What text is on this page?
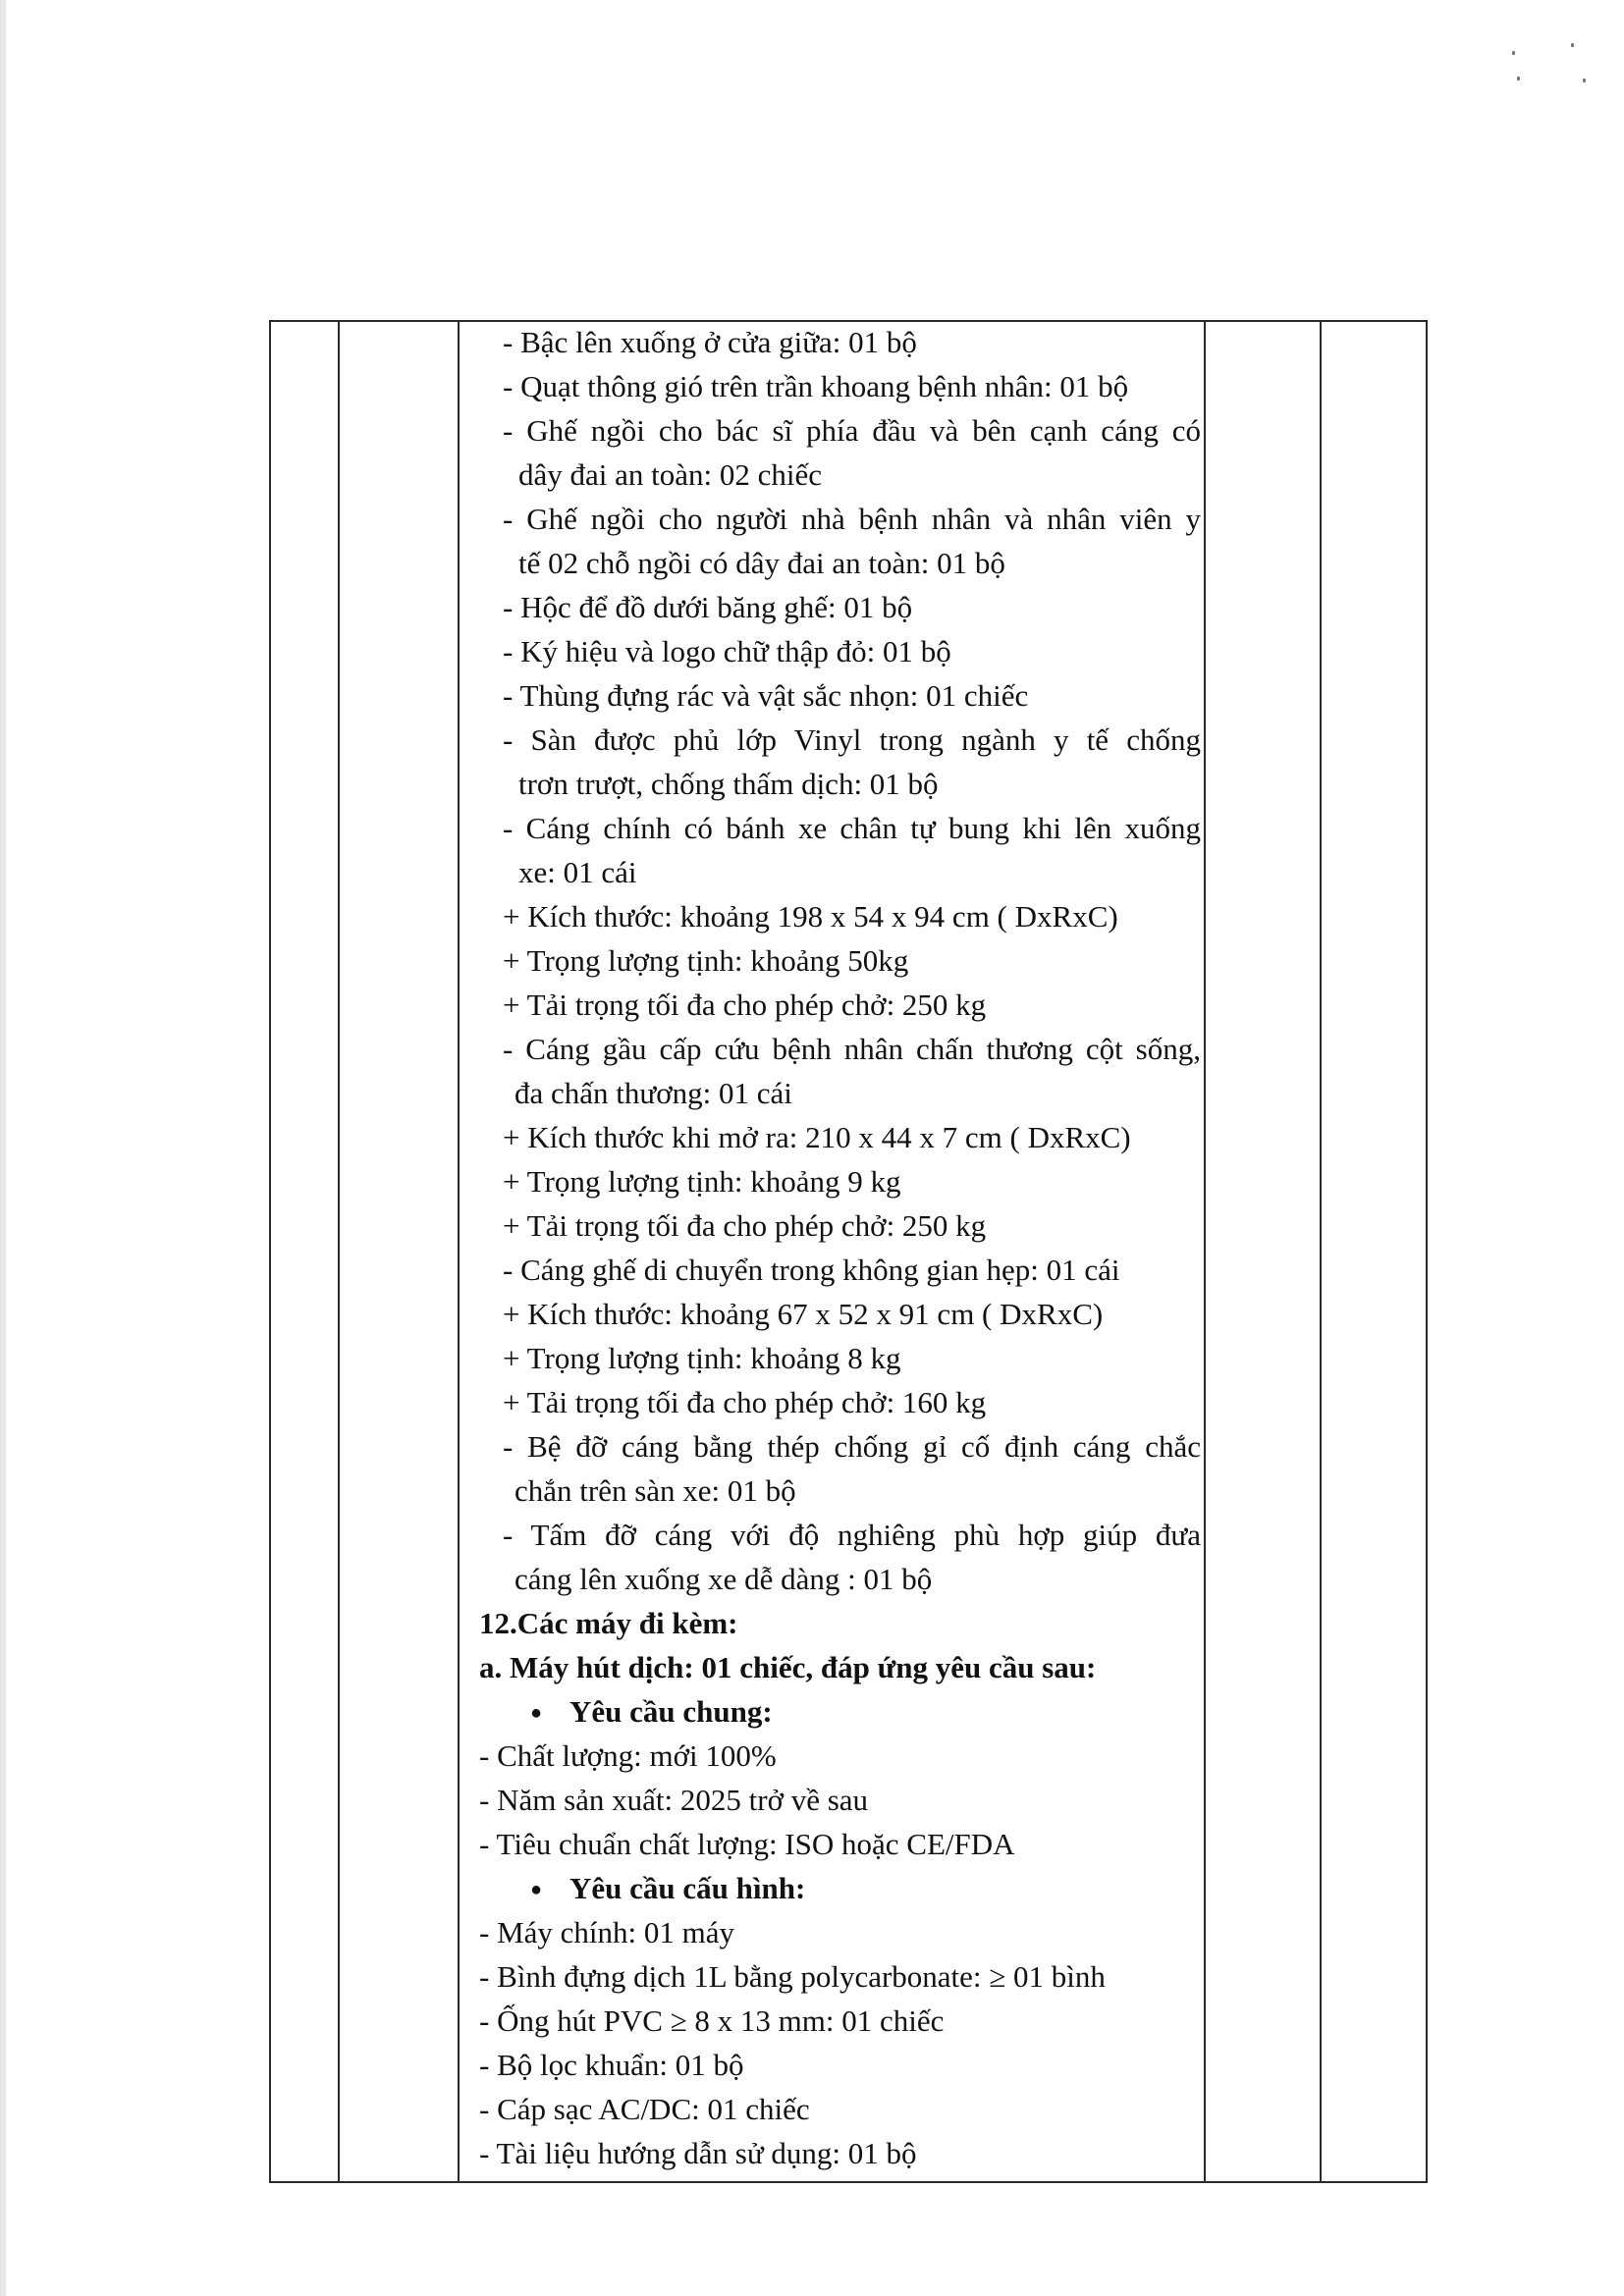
- Bậc lên xuống ở cửa giữa: 01 bộ
- Quạt thông gió trên trần khoang bệnh nhân: 01 bộ
- Ghế ngồi cho bác sĩ phía đầu và bên cạnh cáng có
dây đai an toàn: 02 chiếc
- Ghế ngồi cho người nhà bệnh nhân và nhân viên y
tế 02 chỗ ngồi có dây đai an toàn: 01 bộ
- Hộc để đồ dưới băng ghế: 01 bộ
- Ký hiệu và logo chữ thập đỏ: 01 bộ
- Thùng đựng rác và vật sắc nhọn: 01 chiếc
- Sàn được phủ lớp Vinyl trong ngành y tế chống
trơn trượt, chống thấm dịch: 01 bộ
- Cáng chính có bánh xe chân tự bung khi lên xuống
xe: 01 cái
+ Kích thước: khoảng 198 x 54 x 94 cm ( DxRxC)
+ Trọng lượng tịnh: khoảng 50kg
+ Tải trọng tối đa cho phép chở: 250 kg
- Cáng gầu cấp cứu bệnh nhân chấn thương cột sống,
đa chấn thương: 01 cái
+ Kích thước khi mở ra: 210 x 44 x 7 cm ( DxRxC)
+ Trọng lượng tịnh: khoảng 9 kg
+ Tải trọng tối đa cho phép chở: 250 kg
- Cáng ghế di chuyển trong không gian hẹp: 01 cái
+ Kích thước: khoảng 67 x 52 x 91 cm ( DxRxC)
+ Trọng lượng tịnh: khoảng 8 kg
+ Tải trọng tối đa cho phép chở: 160 kg
- Bệ đỡ cáng bằng thép chống gỉ cố định cáng chắc
chắn trên sàn xe: 01 bộ
- Tấm đỡ cáng với độ nghiêng phù hợp giúp đưa
cáng lên xuống xe dễ dàng : 01 bộ
12.Các máy đi kèm:
a. Máy hút dịch: 01 chiếc, đáp ứng yêu cầu sau:
● Yêu cầu chung:
- Chất lượng: mới 100%
- Năm sản xuất: 2025 trở về sau
- Tiêu chuẩn chất lượng: ISO hoặc CE/FDA
● Yêu cầu cấu hình:
- Máy chính: 01 máy
- Bình đựng dịch 1L bằng polycarbonate: ≥ 01 bình
- Ống hút PVC ≥ 8 x 13 mm: 01 chiếc
- Bộ lọc khuẩn: 01 bộ
- Cáp sạc AC/DC: 01 chiếc
- Tài liệu hướng dẫn sử dụng: 01 bộ
